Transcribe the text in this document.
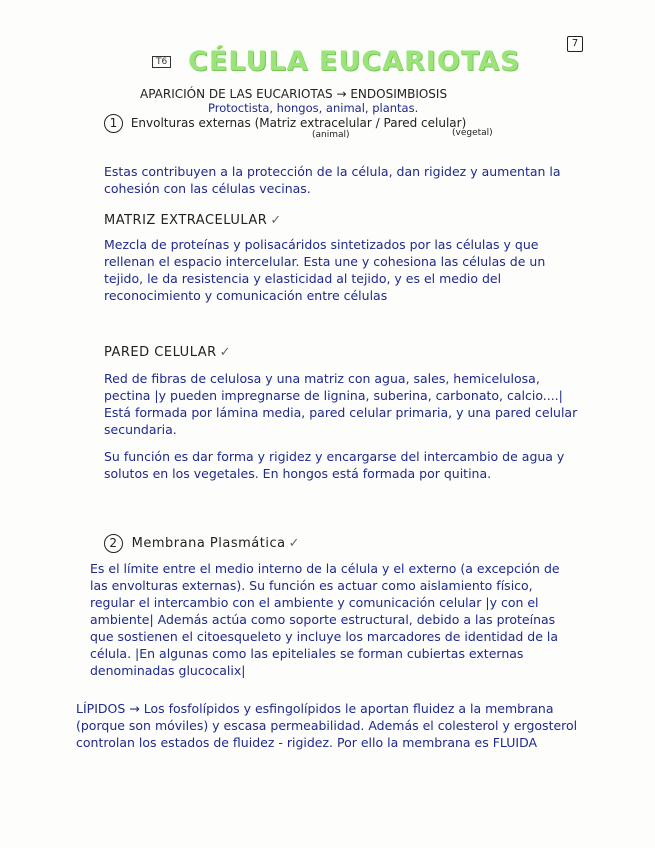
7
T6 CÉLULA EUCARIOTAS
APARICIÓN DE LAS EUCARIOTAS → ENDOSIMBIOSIS
Protoctista, hongos, animal, plantas.
1 Envolturas externas (Matriz extracelular / Pared celular)
(animal)	(vegetal)
Estas contribuyen a la protección de la célula, dan rigidez y aumentan la cohesión con las células vecinas.
MATRIZ EXTRACELULAR ✓
Mezcla de proteínas y polisacáridos sintetizados por las células y que rellenan el espacio intercelular. Esta une y cohesiona las células de un tejido, le da resistencia y elasticidad al tejido, y es el medio del reconocimiento y comunicación entre células
PARED CELULAR ✓
Red de fibras de celulosa y una matriz con agua, sales, hemicelulosa, pectina |y pueden impregnarse de lignina, suberina, carbonato, calcio....| Está formada por lámina media, pared celular primaria, y una pared celular secundaria.
Su función es dar forma y rigidez y encargarse del intercambio de agua y solutos en los vegetales. En hongos está formada por quitina.
2 Membrana Plasmática ✓
Es el límite entre el medio interno de la célula y el externo (a excepción de las envolturas externas). Su función es actuar como aislamiento físico, regular el intercambio con el ambiente y comunicación celular |y con el ambiente| Además actúa como soporte estructural, debido a las proteínas que sostienen el citoesqueleto y incluye los marcadores de identidad de la célula. |En algunas como las epiteliales se forman cubiertas externas denominadas glucocalix|
LÍPIDOS → Los fosfolípidos y esfingolípidos le aportan fluidez a la membrana (porque son móviles) y escasa permeabilidad. Además el colesterol y ergosterol controlan los estados de fluidez - rigidez. Por ello la membrana es FLUIDA
